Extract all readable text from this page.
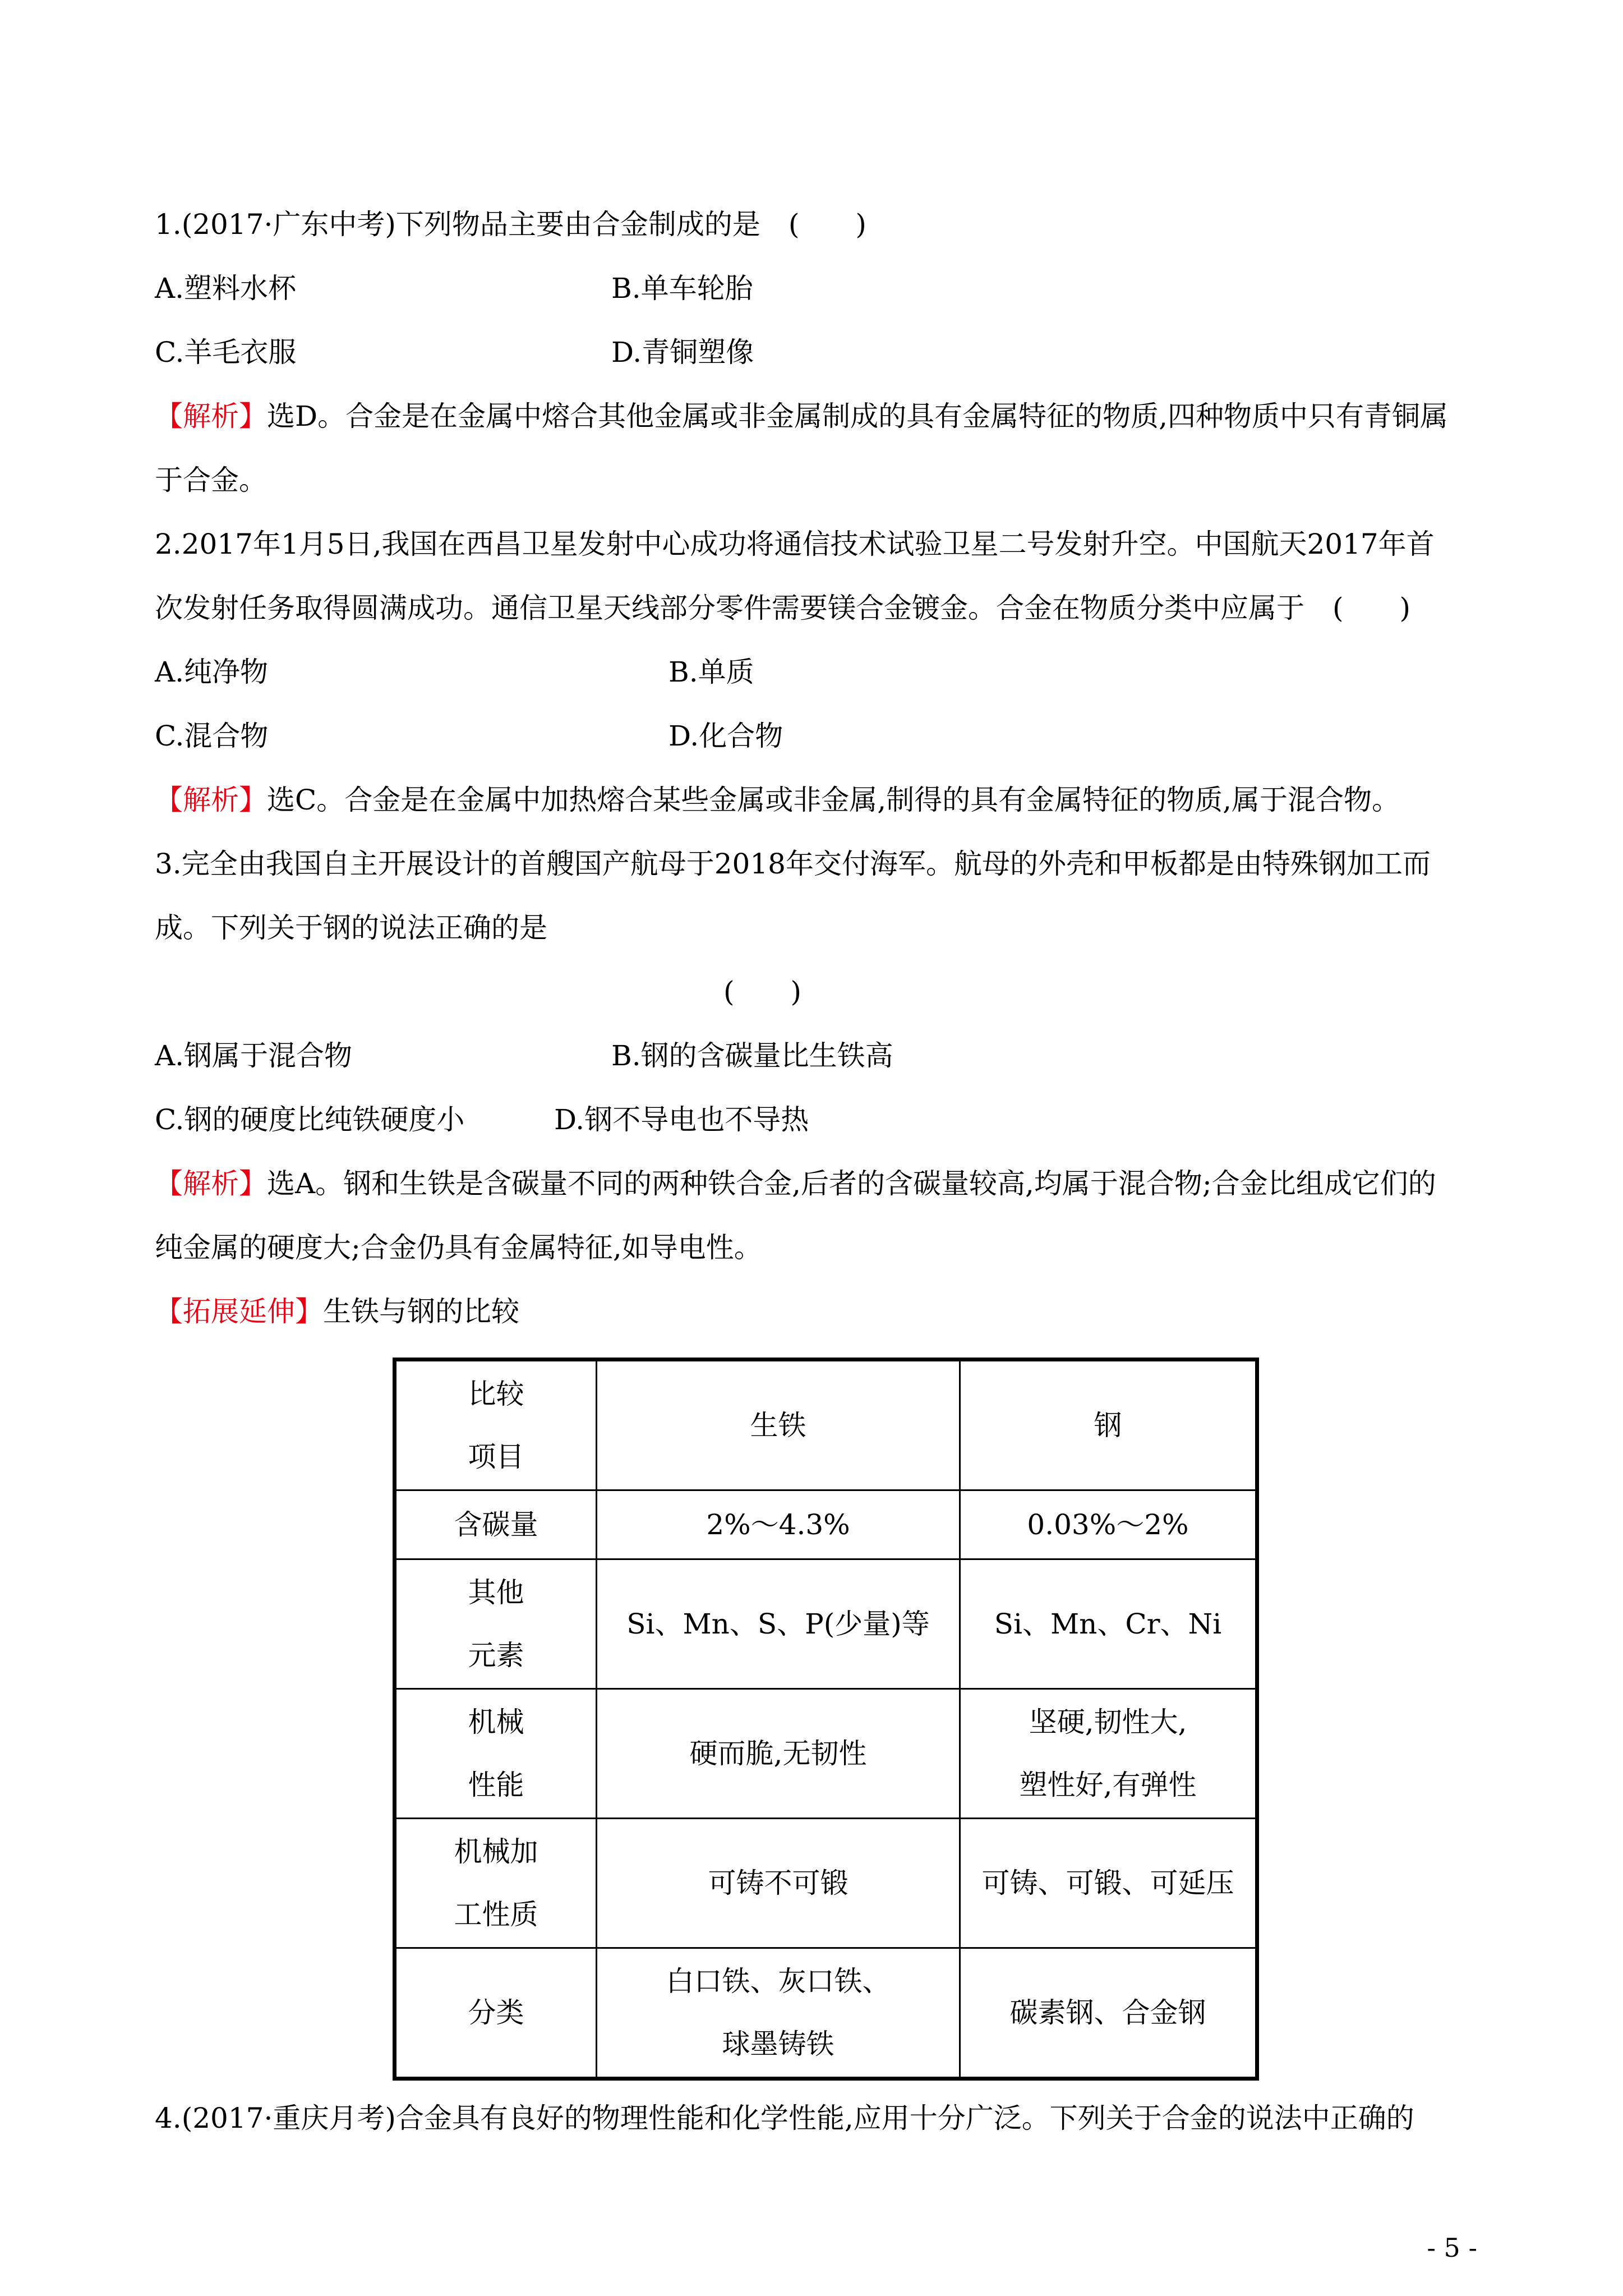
1.(2017·广东中考)下列物品主要由合金制成的是　(　　)
A.塑料水杯	B.单车轮胎
C.羊毛衣服	D.青铜塑像
【解析】选D。合金是在金属中熔合其他金属或非金属制成的具有金属特征的物质,四种物质中只有青铜属
于合金。
2.2017年1月5日,我国在西昌卫星发射中心成功将通信技术试验卫星二号发射升空。中国航天2017年首
次发射任务取得圆满成功。通信卫星天线部分零件需要镁合金镀金。合金在物质分类中应属于　(　　)
A.纯净物	B.单质
C.混合物	D.化合物
【解析】选C。合金是在金属中加热熔合某些金属或非金属,制得的具有金属特征的物质,属于混合物。
3.完全由我国自主开展设计的首艘国产航母于2018年交付海军。航母的外壳和甲板都是由特殊钢加工而
成。下列关于钢的说法正确的是
(　　)
A.钢属于混合物	B.钢的含碳量比生铁高
C.钢的硬度比纯铁硬度小	D.钢不导电也不导热
【解析】选A。钢和生铁是含碳量不同的两种铁合金,后者的含碳量较高,均属于混合物;合金比组成它们的
纯金属的硬度大;合金仍具有金属特征,如导电性。
【拓展延伸】生铁与钢的比较
比较
项目	生铁	钢
含碳量	2%～4.3%	0.03%～2%

其他
元素	Si、Mn、S、P(少量)等	Si、Mn、Cr、Ni

机械
性能	硬而脆,无韧性	坚硬,韧性大,
塑性好,有弹性

机械加
工性质	可铸不可锻	可铸、可锻、可延压
分类	白口铁、灰口铁、
球墨铸铁	碳素钢、合金钢
4.(2017·重庆月考)合金具有良好的物理性能和化学性能,应用十分广泛。下列关于合金的说法中正确的
- 5 -
